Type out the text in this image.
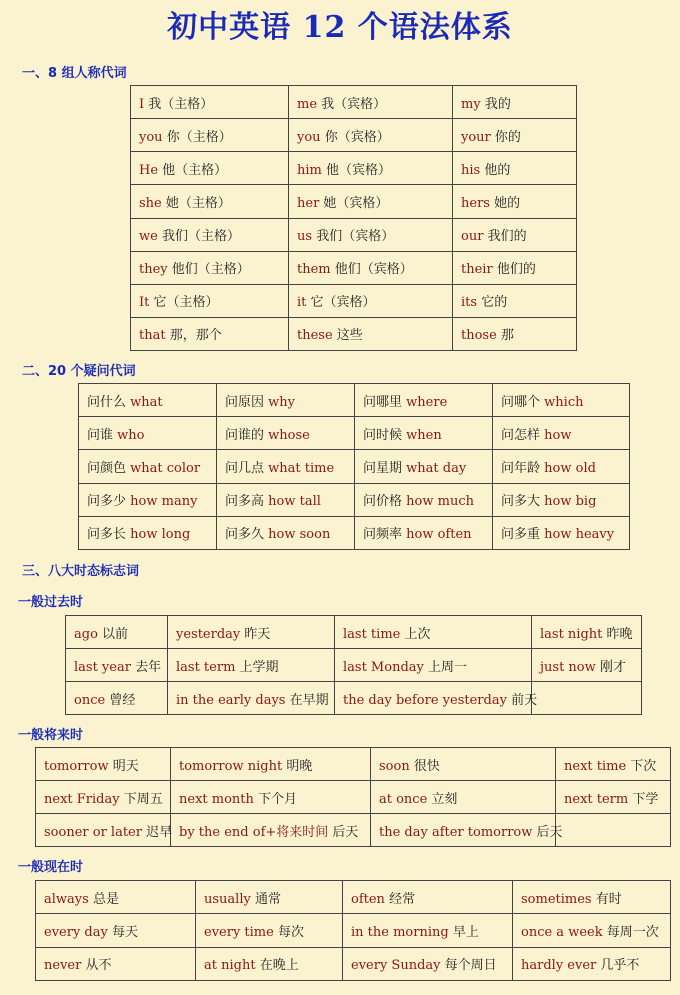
初中英语 12 个语法体系
一、8 组人称代词
I 我（主格）	me 我（宾格）	my 我的
you 你（主格）	you 你（宾格）	your 你的
He 他（主格）	him 他（宾格）	his 他的
she 她（主格）	her 她（宾格）	hers 她的
we 我们（主格）	us 我们（宾格）	our 我们的
they 他们（主格）	them 他们（宾格）	their 他们的
It 它（主格）	it 它（宾格）	its 它的
that 那，那个	these 这些	those 那
二、20 个疑问代词
问什么 what	问原因 why	问哪里 where	问哪个 which
问谁 who	问谁的 whose	问时候 when	问怎样 how
问颜色 what color	问几点 what time	问星期 what day	问年龄 how old
问多少 how many	问多高 how tall	问价格 how much	问多大 how big
问多长 how long	问多久 how soon	问频率 how often	问多重 how heavy
三、八大时态标志词
一般过去时
ago 以前	yesterday 昨天	last time 上次	last night 昨晚
last year 去年	last term 上学期	last Monday 上周一	just now 刚才
once 曾经	in the early days 在早期	the day before yesterday 前天	
一般将来时
tomorrow 明天	tomorrow night 明晚	soon 很快	next time 下次
next Friday 下周五	next month 下个月	at once 立刻	next term 下学
sooner or later 迟早	by the end of+将来时间 后天	the day after tomorrow 后天	
一般现在时
always 总是	usually 通常	often 经常	sometimes 有时
every day 每天	every time 每次	in the morning 早上	once a week 每周一次
never 从不	at night 在晚上	every Sunday 每个周日	hardly ever 几乎不
